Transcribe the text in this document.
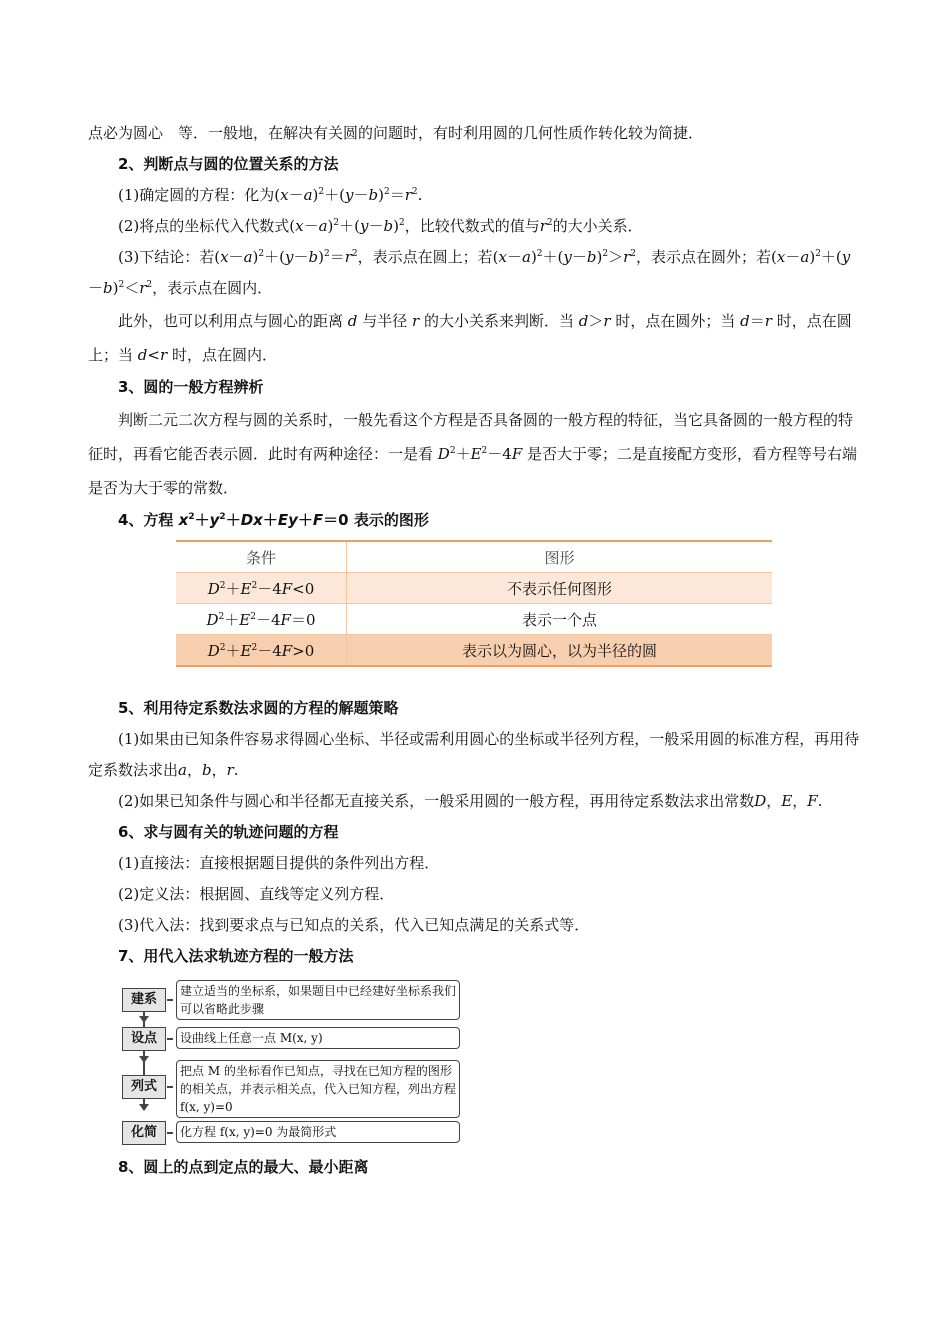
点必为圆心　等．一般地，在解决有关圆的问题时，有时利用圆的几何性质作转化较为简捷．

2、判断点与圆的位置关系的方法

(1)确定圆的方程：化为$(x-a)^2+(y-b)^2=r^2$.

(2)将点的坐标代入代数式$(x-a)^2+(y-b)^2$，比较代数式的值与$r^2$的大小关系．

(3)下结论：若$(x-a)^2+(y-b)^2=r^2$，表示点在圆上；若$(x-a)^2+(y-b)^2>r^2$，表示点在圆外；若$(x-a)^2+(y-b)^2<r^2$，表示点在圆内．

此外，也可以利用点与圆心的距离 d 与半径 r 的大小关系来判断．当 d＞r 时，点在圆外；当 d＝r 时，点在圆上；当 d<r 时，点在圆内．

3、圆的一般方程辨析

判断二元二次方程与圆的关系时，一般先看这个方程是否具备圆的一般方程的特征，当它具备圆的一般方程的特征时，再看它能否表示圆．此时有两种途径：一是看 $D^2+E^2-4F$ 是否大于零；二是直接配方变形，看方程等号右端是否为大于零的常数．

4、方程 $x^2+y^2+Dx+Ey+F=0$ 表示的图形

条件	图形
$D^2+E^2-4F<0$	不表示任何图形
$D^2+E^2-4F=0$	表示一个点
$D^2+E^2-4F>0$	表示以为圆心，以为半径的圆

5、利用待定系数法求圆的方程的解题策略

(1)如果由已知条件容易求得圆心坐标、半径或需利用圆心的坐标或半径列方程，一般采用圆的标准方程，再用待定系数法求出a，b，r.

(2)如果已知条件与圆心和半径都无直接关系，一般采用圆的一般方程，再用待定系数法求出常数D，E，F.

6、求与圆有关的轨迹问题的方程

(1)直接法：直接根据题目提供的条件列出方程．

(2)定义法：根据圆、直线等定义列方程．

(3)代入法：找到要求点与已知点的关系，代入已知点满足的关系式等．

7、用代入法求轨迹方程的一般方法

建系
建立适当的坐标系，如果题目中已经建好坐标系我们可以省略此步骤
设点	设曲线上任意一点 M(x, y)
列式
把点 M 的坐标看作已知点，寻找在已知方程的图形的相关点，并表示相关点，代入已知方程，列出方程 f(x, y)=0
化简	化方程 f(x, y)=0 为最简形式

8、圆上的点到定点的最大、最小距离
